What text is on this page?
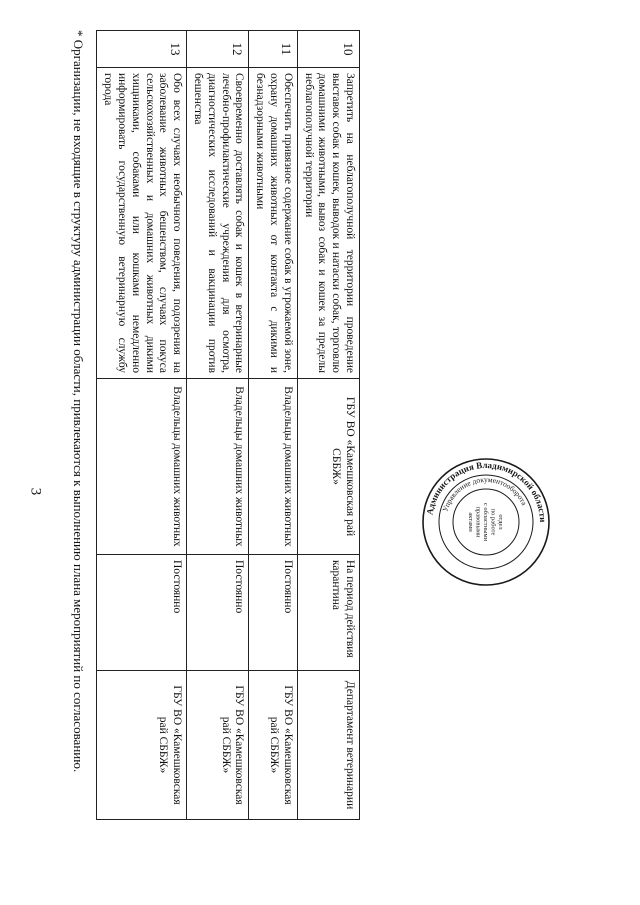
3
10	Запретить на неблагополучной территории проведение выставок собак и кошек, выводок и натаски собак, торговлю домашними животными, вывоз собак и кошек за пределы неблагополучной территории	ГБУ ВО «Камешковская рай СББЖ»	На период действия карантина	Департамент ветеринарии
11	Обеспечить привязное содержание собак в угрожаемой зоне, охрану домашних животных от контакта с дикими и безнадзорными животными	Владельцы домашних животных	Постоянно	ГБУ ВО «Камешковская рай СББЖ»
12	Своевременно доставлять собак и кошек в ветеринарные лечебно-профилактические учреждения для осмотра, диагностических исследований и вакцинации против бешенства	Владельцы домашних животных	Постоянно	ГБУ ВО «Камешковская рай СББЖ»
13	Обо всех случаях необычного поведения, подозрения на заболевание животных бешенством, случаях покуса сельскохозяйственных и домашних животных дикими хищниками, собаками или кошками немедленно информировать государственную ветеринарную службу города	Владельцы домашних животных	Постоянно	ГБУ ВО «Камешковская рай СББЖ»
* Организации, не входящие в структуру администрации области, привлекаются к выполнению плана мероприятий по согласованию.	Администрация Владимирской области
Управление документооборота
отдел
по работе
с областными
правовыми
актами
